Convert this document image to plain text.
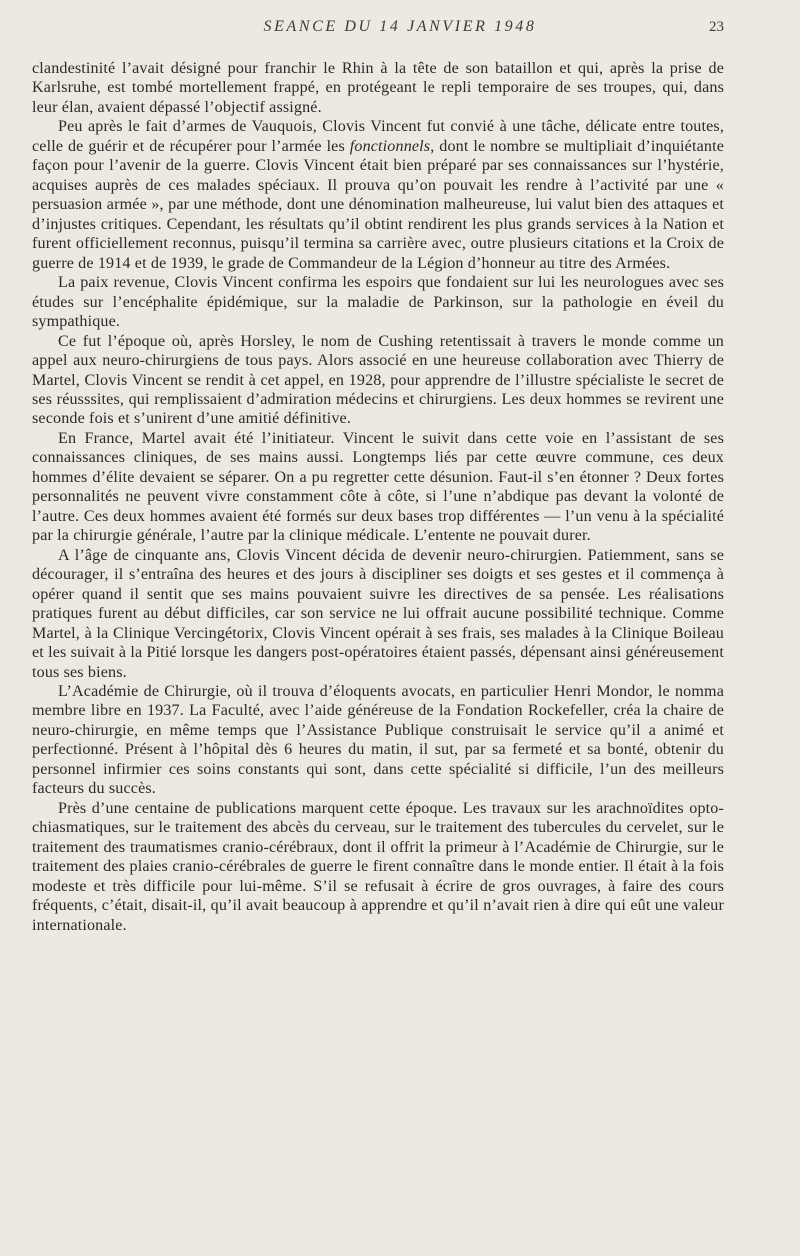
SEANCE DU 14 JANVIER 1948	23

clandestinité l’avait désigné pour franchir le Rhin à la tête de son bataillon et qui, après la prise de Karlsruhe, est tombé mortellement frappé, en protégeant le repli temporaire de ses troupes, qui, dans leur élan, avaient dépassé l’objectif assigné.

Peu après le fait d’armes de Vauquois, Clovis Vincent fut convié à une tâche, délicate entre toutes, celle de guérir et de récupérer pour l’armée les fonctionnels, dont le nombre se multipliait d’inquiétante façon pour l’avenir de la guerre. Clovis Vincent était bien préparé par ses connaissances sur l’hystérie, acquises auprès de ces malades spéciaux. Il prouva qu’on pouvait les rendre à l’activité par une « persuasion armée », par une méthode, dont une dénomination malheureuse, lui valut bien des attaques et d’injustes critiques. Cependant, les résultats qu’il obtint rendirent les plus grands services à la Nation et furent officiellement reconnus, puisqu’il termina sa carrière avec, outre plusieurs citations et la Croix de guerre de 1914 et de 1939, le grade de Commandeur de la Légion d’honneur au titre des Armées.

La paix revenue, Clovis Vincent confirma les espoirs que fondaient sur lui les neurologues avec ses études sur l’encéphalite épidémique, sur la maladie de Parkinson, sur la pathologie en éveil du sympathique.

Ce fut l’époque où, après Horsley, le nom de Cushing retentissait à travers le monde comme un appel aux neuro-chirurgiens de tous pays. Alors associé en une heureuse collaboration avec Thierry de Martel, Clovis Vincent se rendit à cet appel, en 1928, pour apprendre de l’illustre spécialiste le secret de ses réusssites, qui remplissaient d’admiration médecins et chirurgiens. Les deux hommes se revirent une seconde fois et s’unirent d’une amitié définitive.

En France, Martel avait été l’initiateur. Vincent le suivit dans cette voie en l’assistant de ses connaissances cliniques, de ses mains aussi. Longtemps liés par cette œuvre commune, ces deux hommes d’élite devaient se séparer. On a pu regretter cette désunion. Faut-il s’en étonner ? Deux fortes personnalités ne peuvent vivre constamment côte à côte, si l’une n’abdique pas devant la volonté de l’autre. Ces deux hommes avaient été formés sur deux bases trop différentes — l’un venu à la spécialité par la chirurgie générale, l’autre par la clinique médicale. L’entente ne pouvait durer.

A l’âge de cinquante ans, Clovis Vincent décida de devenir neuro-chirurgien. Patiemment, sans se décourager, il s’entraîna des heures et des jours à discipliner ses doigts et ses gestes et il commença à opérer quand il sentit que ses mains pouvaient suivre les directives de sa pensée. Les réalisations pratiques furent au début difficiles, car son service ne lui offrait aucune possibilité technique. Comme Martel, à la Clinique Vercingétorix, Clovis Vincent opérait à ses frais, ses malades à la Clinique Boileau et les suivait à la Pitié lorsque les dangers post-opératoires étaient passés, dépensant ainsi généreusement tous ses biens.

L’Académie de Chirurgie, où il trouva d’éloquents avocats, en particulier Henri Mondor, le nomma membre libre en 1937. La Faculté, avec l’aide généreuse de la Fondation Rockefeller, créa la chaire de neuro-chirurgie, en même temps que l’Assistance Publique construisait le service qu’il a animé et perfectionné. Présent à l’hôpital dès 6 heures du matin, il sut, par sa fermeté et sa bonté, obtenir du personnel infirmier ces soins constants qui sont, dans cette spécialité si difficile, l’un des meilleurs facteurs du succès.

Près d’une centaine de publications marquent cette époque. Les travaux sur les arachnoïdites opto-chiasmatiques, sur le traitement des abcès du cerveau, sur le traitement des tubercules du cervelet, sur le traitement des traumatismes cranio-cérébraux, dont il offrit la primeur à l’Académie de Chirurgie, sur le traitement des plaies cranio-cérébrales de guerre le firent connaître dans le monde entier. Il était à la fois modeste et très difficile pour lui-même. S’il se refusait à écrire de gros ouvrages, à faire des cours fréquents, c’était, disait-il, qu’il avait beaucoup à apprendre et qu’il n’avait rien à dire qui eût une valeur internationale.
